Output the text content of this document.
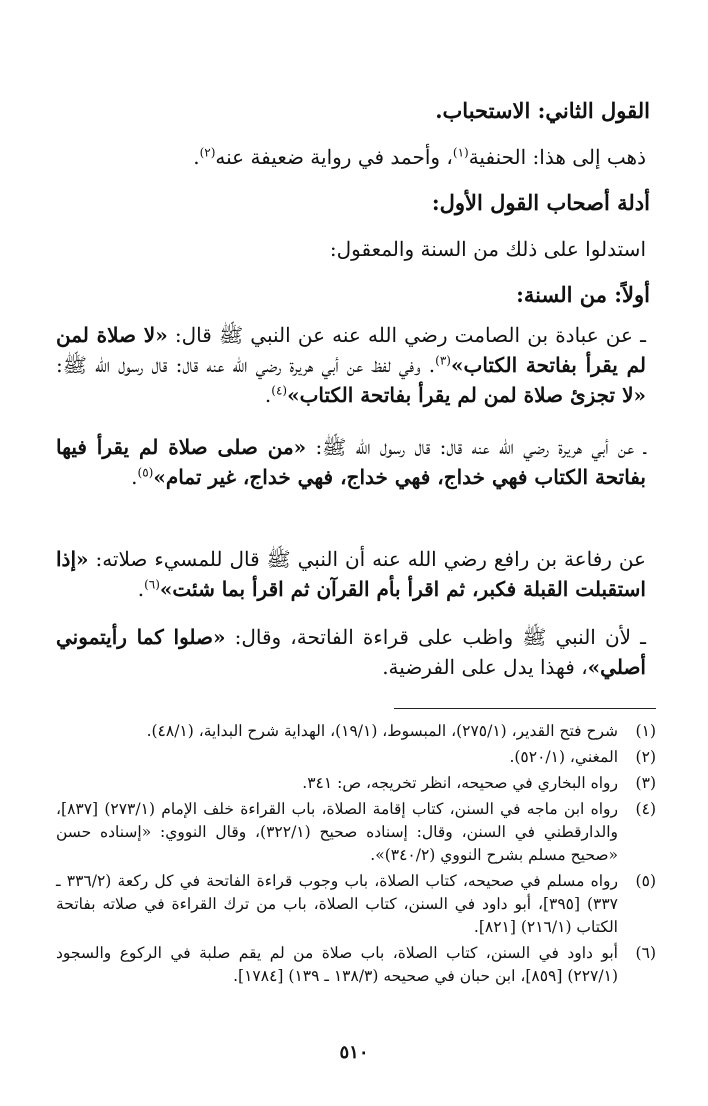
القول الثاني: الاستحباب.

ذهب إلى هذا: الحنفية$^{(١)}$، وأحمد في رواية ضعيفة عنه$^{(٢)}$.

أدلة أصحاب القول الأول:

استدلوا على ذلك من السنة والمعقول:

أولاً: من السنة:

ـ عن عبادة بن الصامت رضي الله عنه عن النبي ﷺ قال: «لا صلاة لمن لم يقرأ بفاتحة الكتاب»$^{(٣)}$. وفي لفظ عن أبي هريرة رضي الله عنه قال: قال رسول الله ﷺ: «لا تجزئ صلاة لمن لم يقرأ بفاتحة الكتاب»$^{(٤)}$.

ـ عن أبي هريرة رضي الله عنه قال: قال رسول الله ﷺ: «من صلى صلاة لم يقرأ فيها بفاتحة الكتاب فهي خداج، فهي خداج، فهي خداج، غير تمام»$^{(٥)}$.

عن رفاعة بن رافع رضي الله عنه أن النبي ﷺ قال للمسيء صلاته: «إذا استقبلت القبلة فكبر، ثم اقرأ بأم القرآن ثم اقرأ بما شئت»$^{(٦)}$.

ـ لأن النبي ﷺ واظب على قراءة الفاتحة، وقال: «صلوا كما رأيتموني أصلي»، فهذا يدل على الفرضية.

(١)
شرح فتح القدير، (٢٧٥/١)، المبسوط، (١٩/١)، الهداية شرح البداية، (٤٨/١).
(٢)
المغني، (٥٢٠/١).
(٣)
رواه البخاري في صحيحه، انظر تخريجه، ص: ٣٤١.
(٤)
رواه ابن ماجه في السنن، كتاب إقامة الصلاة، باب القراءة خلف الإمام (٢٧٣/١) [٨٣٧]، والدارقطني في السنن، وقال: إسناده صحيح (٣٢٢/١)، وقال النووي: «إسناده حسن «صحيح مسلم بشرح النووي (٣٤٠/٢)».
(٥)
رواه مسلم في صحيحه، كتاب الصلاة، باب وجوب قراءة الفاتحة في كل ركعة (٣٣٦/٢ ـ ٣٣٧) [٣٩٥]، أبو داود في السنن، كتاب الصلاة، باب من ترك القراءة في صلاته بفاتحة الكتاب (٢١٦/١) [٨٢١].
(٦)
أبو داود في السنن، كتاب الصلاة، باب صلاة من لم يقم صلبة في الركوع والسجود (٢٢٧/١) [٨٥٩]، ابن حبان في صحيحه (١٣٨/٣ ـ ١٣٩) [١٧٨٤].
٥١٠
